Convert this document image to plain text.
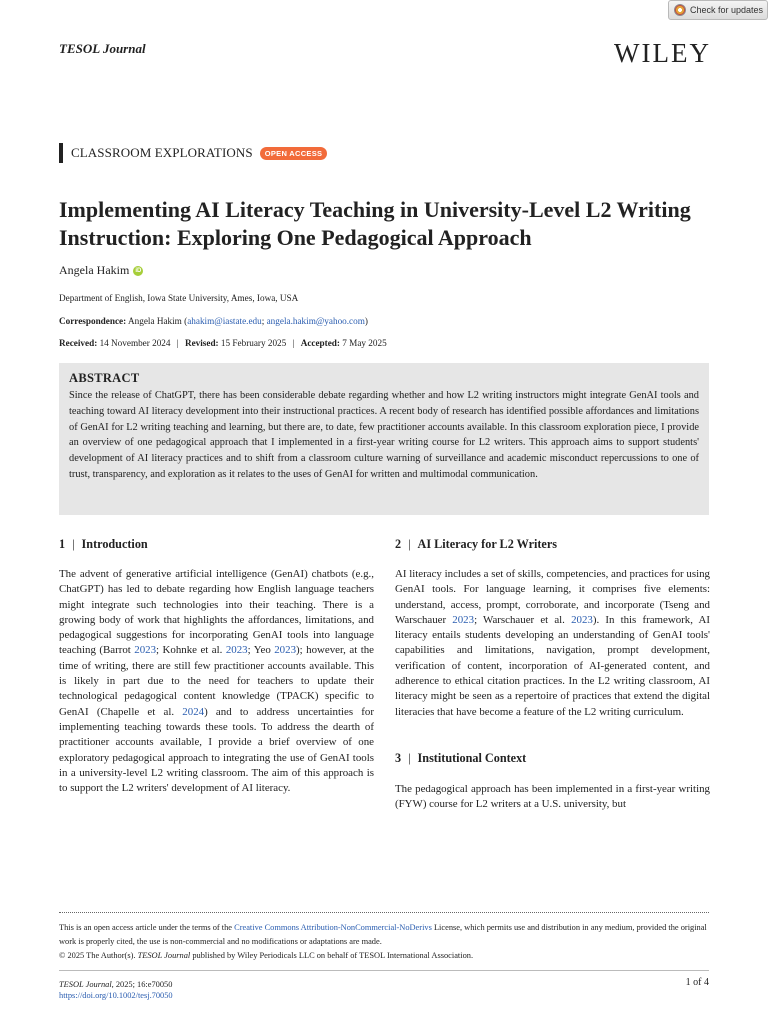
Check for updates
TESOL Journal	WILEY
CLASSROOM EXPLORATIONS	OPEN ACCESS
Implementing AI Literacy Teaching in University-Level L2 Writing Instruction: Exploring One Pedagogical Approach
Angela Hakim	iD
Department of English, Iowa State University, Ames, Iowa, USA
Correspondence: Angela Hakim (ahakim@iastate.edu; angela.hakim@yahoo.com)
Received: 14 November 2024 | Revised: 15 February 2025 | Accepted: 7 May 2025
ABSTRACT

Since the release of ChatGPT, there has been considerable debate regarding whether and how L2 writing instructors might integrate GenAI tools and teaching toward AI literacy development into their instructional practices. A recent body of research has identified possible affordances and limitations of GenAI for L2 writing teaching and learning, but there are, to date, few practitioner accounts available. In this classroom exploration piece, I provide an overview of one pedagogical approach that I implemented in a first-year writing course for L2 writers. This approach aims to support students' development of AI literacy practices and to shift from a classroom culture warning of surveillance and academic misconduct repercussions to one of trust, transparency, and exploration as it relates to the uses of GenAI for written and multimodal communication.

1 | Introduction

The advent of generative artificial intelligence (GenAI) chatbots (e.g., ChatGPT) has led to debate regarding how English language teachers might integrate such technologies into their teaching. There is a growing body of work that highlights the affordances, limitations, and pedagogical suggestions for incorporating GenAI tools into language teaching (Barrot 2023; Kohnke et al. 2023; Yeo 2023); however, at the time of writing, there are still few practitioner accounts available. This is likely in part due to the need for teachers to update their technological pedagogical content knowledge (TPACK) specific to GenAI (Chapelle et al. 2024) and to address uncertainties for implementing teaching towards these tools. To address the dearth of practitioner accounts available, I provide a brief overview of one exploratory pedagogical approach to integrating the use of GenAI tools in a university-level L2 writing classroom. The aim of this approach is to support the L2 writers' development of AI literacy.

2 | AI Literacy for L2 Writers

AI literacy includes a set of skills, competencies, and practices for using GenAI tools. For language learning, it comprises five elements: understand, access, prompt, corroborate, and incorporate (Tseng and Warschauer 2023; Warschauer et al. 2023). In this framework, AI literacy entails students developing an understanding of GenAI tools' capabilities and limitations, navigation, prompt development, verification of content, incorporation of AI-generated content, and adherence to ethical citation practices. In the L2 writing classroom, AI literacy might be seen as a repertoire of practices that extend the digital literacies that have become a feature of the L2 writing curriculum.

3 | Institutional Context

The pedagogical approach has been implemented in a first-year writing (FYW) course for L2 writers at a U.S. university, but

This is an open access article under the terms of the Creative Commons Attribution-NonCommercial-NoDerivs License, which permits use and distribution in any medium, provided the original work is properly cited, the use is non-commercial and no modifications or adaptations are made.

© 2025 The Author(s). TESOL Journal published by Wiley Periodicals LLC on behalf of TESOL International Association.

TESOL Journal, 2025; 16:e70050
https://doi.org/10.1002/tesj.70050
1 of 4
